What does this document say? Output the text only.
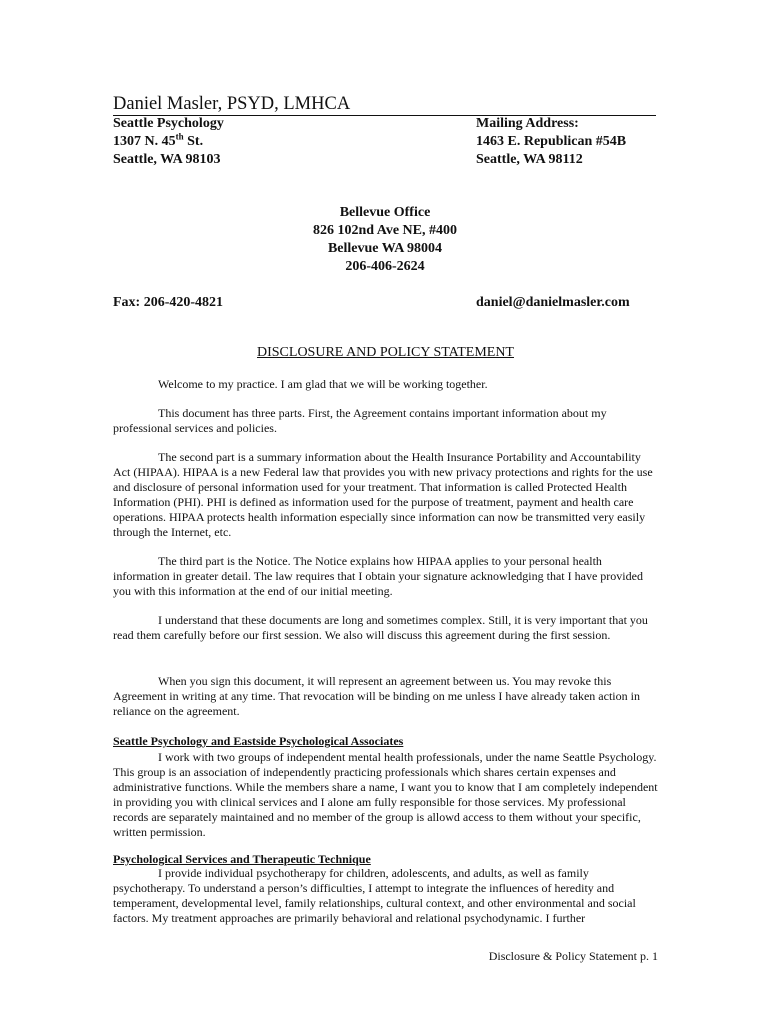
Daniel Masler, PSYD, LMHCA
Seattle Psychology
1307 N. 45th St.
Seattle, WA 98103
Mailing Address:
1463 E. Republican #54B
Seattle, WA 98112
Bellevue Office
826 102nd Ave NE, #400
Bellevue WA 98004
206-406-2624
Fax: 206-420-4821	daniel@danielmasler.com
DISCLOSURE AND POLICY STATEMENT
Welcome to my practice. I am glad that we will be working together.
This document has three parts. First, the Agreement contains important information about my professional services and policies.
The second part is a summary information about the Health Insurance Portability and Accountability Act (HIPAA). HIPAA is a new Federal law that provides you with new privacy protections and rights for the use and disclosure of personal information used for your treatment. That information is called Protected Health Information (PHI). PHI is defined as information used for the purpose of treatment, payment and health care operations. HIPAA protects health information especially since information can now be transmitted very easily through the Internet, etc.
The third part is the Notice. The Notice explains how HIPAA applies to your personal health information in greater detail. The law requires that I obtain your signature acknowledging that I have provided you with this information at the end of our initial meeting.
I understand that these documents are long and sometimes complex. Still, it is very important that you read them carefully before our first session. We also will discuss this agreement during the first session.
When you sign this document, it will represent an agreement between us. You may revoke this Agreement in writing at any time. That revocation will be binding on me unless I have already taken action in reliance on the agreement.
Seattle Psychology and Eastside Psychological Associates
I work with two groups of independent mental health professionals, under the name Seattle Psychology. This group is an association of independently practicing professionals which shares certain expenses and administrative functions. While the members share a name, I want you to know that I am completely independent in providing you with clinical services and I alone am fully responsible for those services. My professional records are separately maintained and no member of the group is allowd access to them without your specific, written permission.
Psychological Services and Therapeutic Technique
I provide individual psychotherapy for children, adolescents, and adults, as well as family psychotherapy. To understand a person’s difficulties, I attempt to integrate the influences of heredity and temperament, developmental level, family relationships, cultural context, and other environmental and social factors. My treatment approaches are primarily behavioral and relational psychodynamic. I further
Disclosure & Policy Statement p. 1
